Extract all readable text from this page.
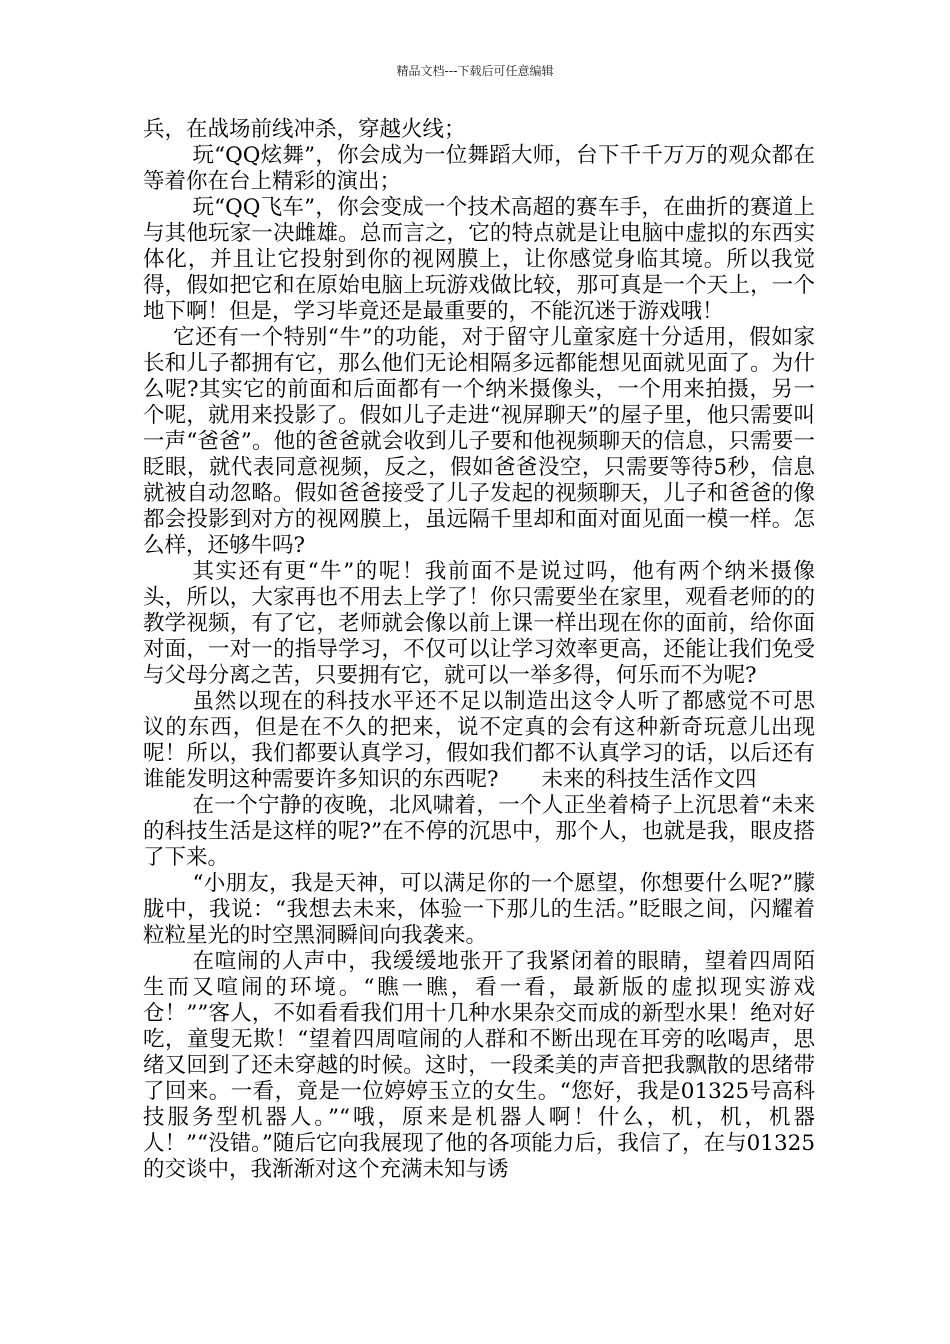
精品文档---下载后可任意编辑

兵，在战场前线冲杀，穿越火线；

玩“QQ炫舞”，你会成为一位舞蹈大师，台下千千万万的观众都在等着你在台上精彩的演出；

玩“QQ飞车”，你会变成一个技术高超的赛车手，在曲折的赛道上与其他玩家一决雌雄。总而言之，它的特点就是让电脑中虚拟的东西实体化，并且让它投射到你的视网膜上，让你感觉身临其境。所以我觉得，假如把它和在原始电脑上玩游戏做比较，那可真是一个天上，一个地下啊！但是，学习毕竟还是最重要的，不能沉迷于游戏哦！

它还有一个特别“牛”的功能，对于留守儿童家庭十分适用，假如家长和儿子都拥有它，那么他们无论相隔多远都能想见面就见面了。为什么呢?其实它的前面和后面都有一个纳米摄像头，一个用来拍摄，另一个呢，就用来投影了。假如儿子走进“视屏聊天”的屋子里，他只需要叫一声“爸爸”。他的爸爸就会收到儿子要和他视频聊天的信息，只需要一眨眼，就代表同意视频，反之，假如爸爸没空，只需要等待5秒，信息就被自动忽略。假如爸爸接受了儿子发起的视频聊天，儿子和爸爸的像都会投影到对方的视网膜上，虽远隔千里却和面对面见面一模一样。怎么样，还够牛吗?

其实还有更“牛”的呢！我前面不是说过吗，他有两个纳米摄像头，所以，大家再也不用去上学了！你只需要坐在家里，观看老师的的教学视频，有了它，老师就会像以前上课一样出现在你的面前，给你面对面，一对一的指导学习，不仅可以让学习效率更高，还能让我们免受与父母分离之苦，只要拥有它，就可以一举多得，何乐而不为呢?

虽然以现在的科技水平还不足以制造出这令人听了都感觉不可思议的东西，但是在不久的把来，说不定真的会有这种新奇玩意儿出现呢！所以，我们都要认真学习，假如我们都不认真学习的话，以后还有谁能发明这种需要许多知识的东西呢?　　未来的科技生活作文四

在一个宁静的夜晚，北风啸着，一个人正坐着椅子上沉思着“未来的科技生活是这样的呢?”在不停的沉思中，那个人，也就是我，眼皮搭了下来。

“小朋友，我是天神，可以满足你的一个愿望，你想要什么呢?”朦胧中，我说：“我想去未来，体验一下那儿的生活。”眨眼之间，闪耀着粒粒星光的时空黑洞瞬间向我袭来。

在喧闹的人声中，我缓缓地张开了我紧闭着的眼睛，望着四周陌生而又喧闹的环境。“瞧一瞧，看一看，最新版的虚拟现实游戏仓！””客人，不如看看我们用十几种水果杂交而成的新型水果！绝对好吃，童叟无欺！“望着四周喧闹的人群和不断出现在耳旁的吆喝声，思绪又回到了还未穿越的时候。这时，一段柔美的声音把我飘散的思绪带了回来。一看，竟是一位婷婷玉立的女生。“您好，我是01325号高科技服务型机器人。”“哦，原来是机器人啊！什么，机，机，机器人！”“没错。”随后它向我展现了他的各项能力后，我信了，在与01325的交谈中，我渐渐对这个充满未知与诱
